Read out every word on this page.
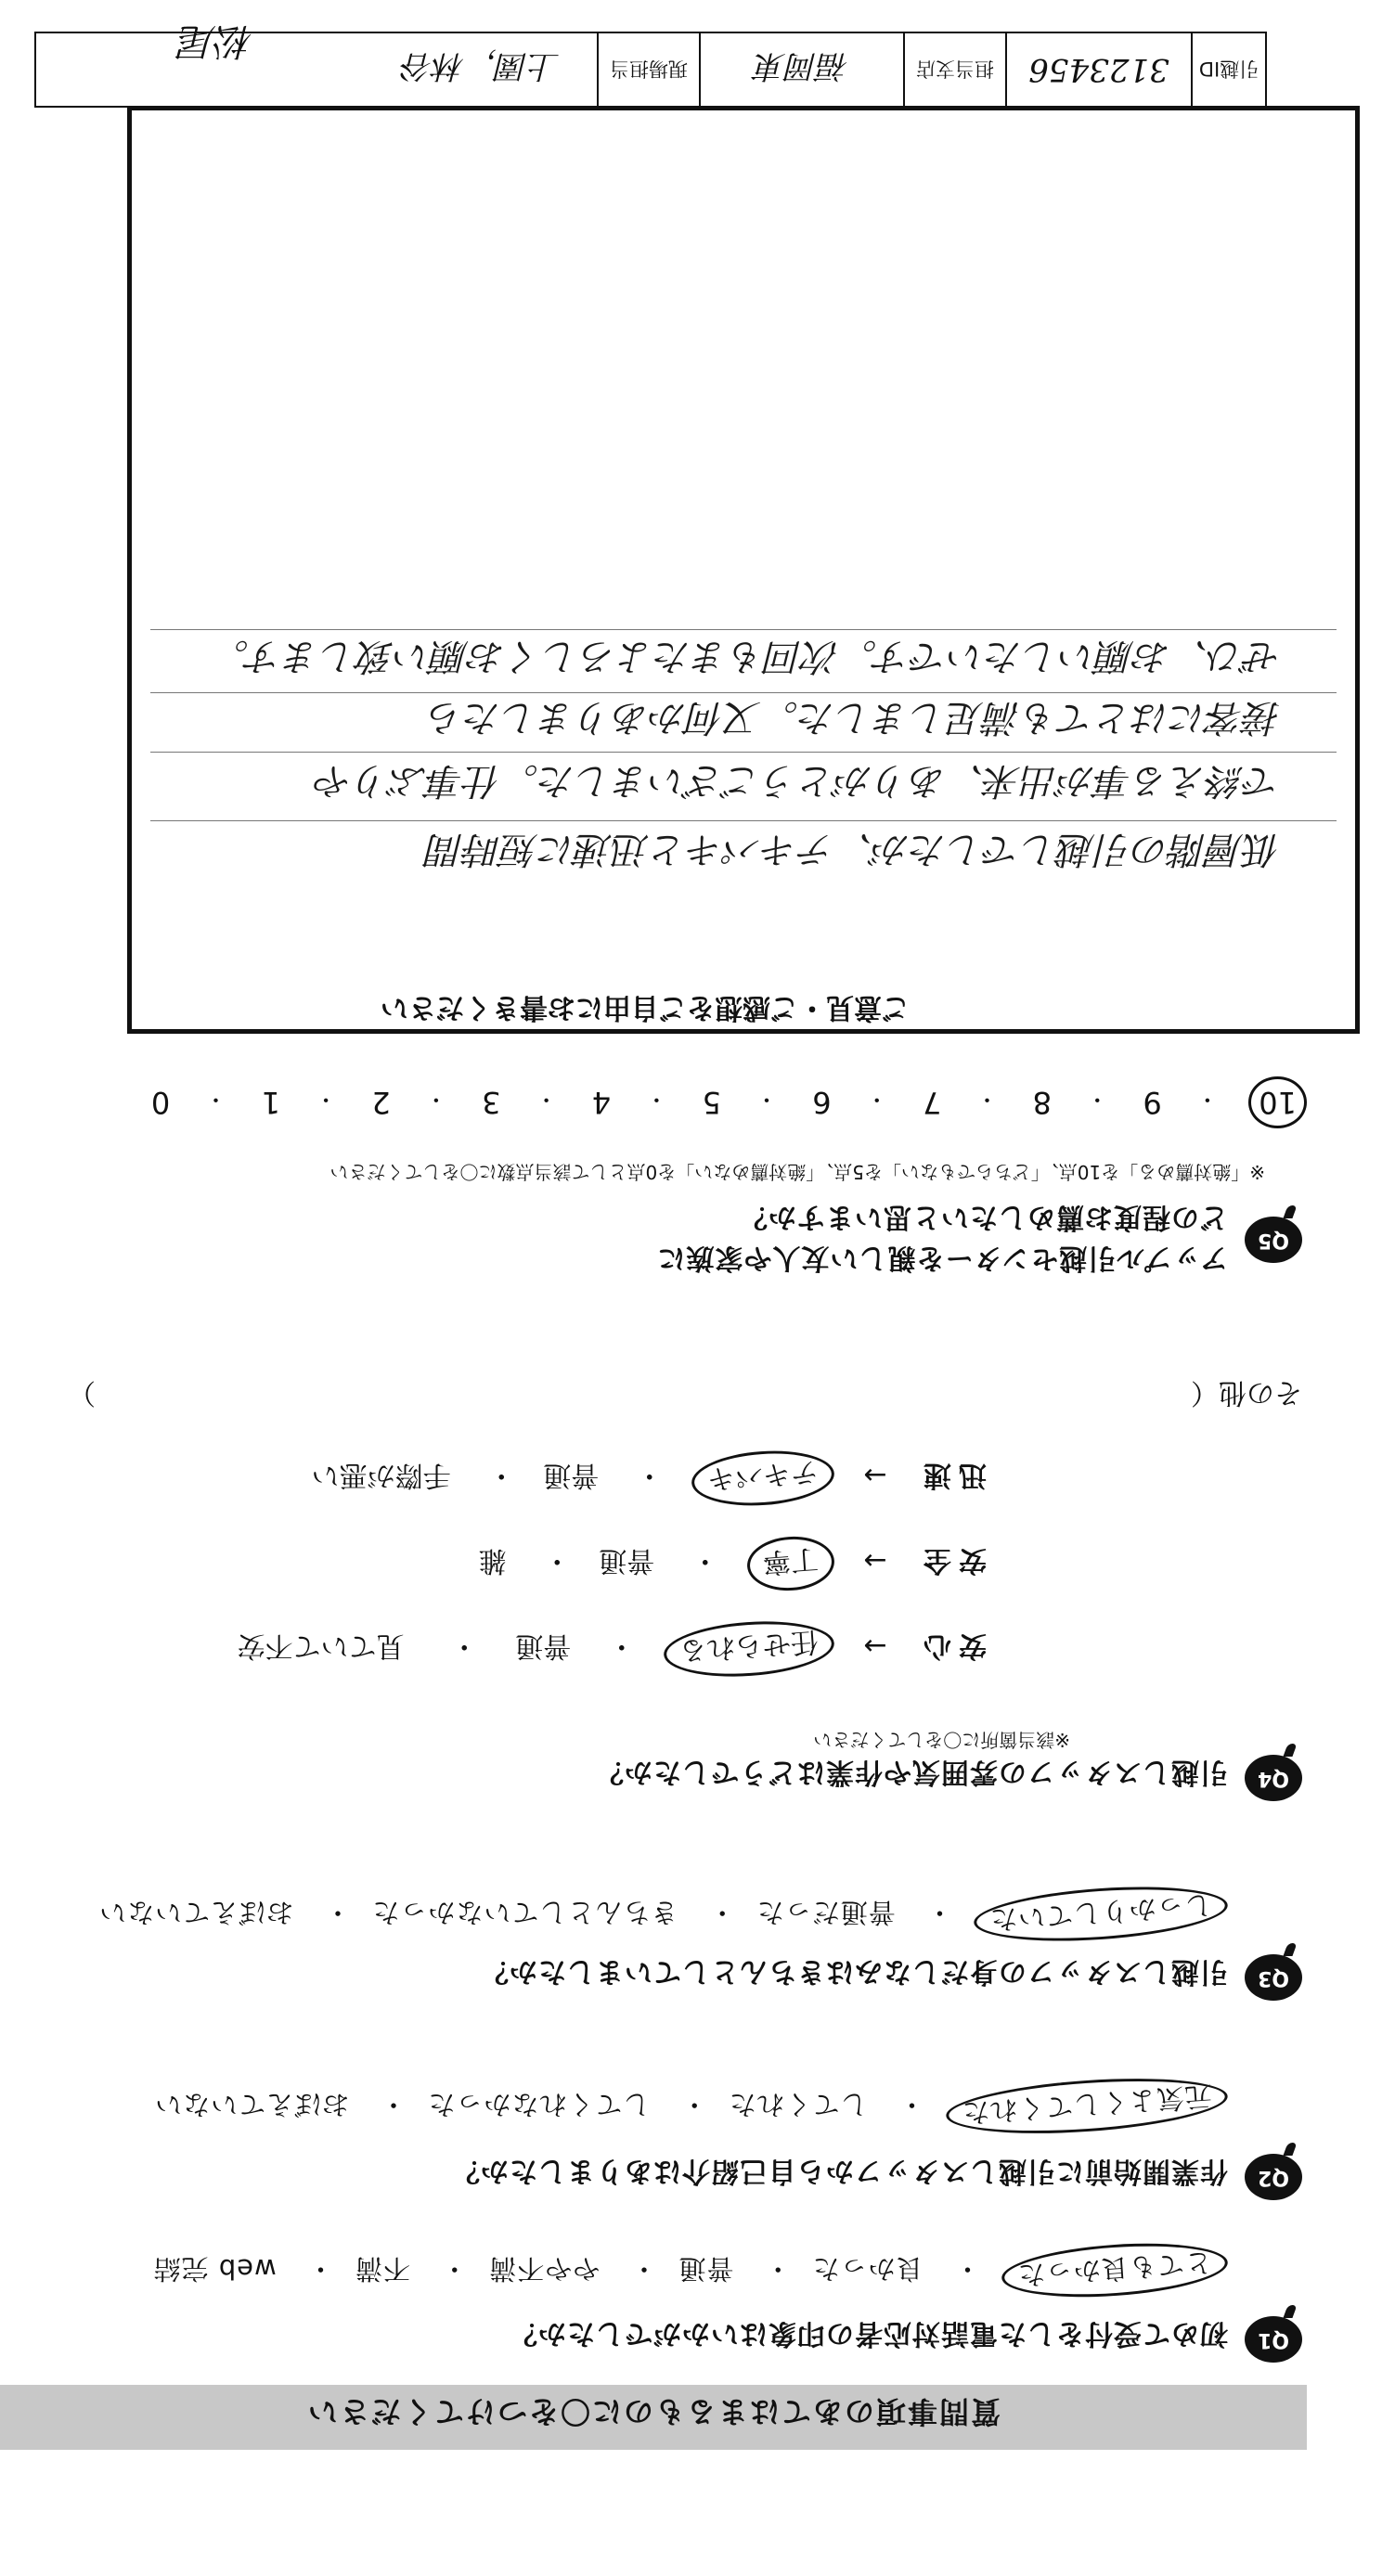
質問事項のあてはまるものに〇をつけてください
Q1
初めて受付をした電話対応者の印象はいかがでしたか？
とても良かった・ 良かった・ 普通・ やや不満・ 不満・ web 完結
Q2
作業開始前に引越しスタッフから自己紹介はありましたか？
元気よくしてくれた・ してくれた・ してくれなかった・ おぼえていない
Q3
引越しスタッフの身だしなみはきちんとしていましたか？
しっかりしていた・ 普通だった・ きちんとしていなかった・ おぼえていない
Q4
引越しスタッフの雰囲気や作業はどうでしたか？
※該当箇所に〇をしてください
安心 → 任せられる・ 普通・ 見ていて不安
安全 → 丁寧・ 普通・ 雑
迅速 → テキパキ・ 普通・ 手際が悪い
その他（
）
Q5
アップル引越センターを親しい友人や家族に
どの程度お薦めしたいと思いますか？
※「絶対薦める」を10点、「どちらでもない」を5点、「絶対薦めない」を0点として該当点数に〇をしてください
10
・
9
・
8
・
7
・
6
・
5
・
4
・
3
・
2
・
1
・
0
ご意見・ご感想をご自由にお書きください
低層階の引越しでしたが、テキパキと迅速に短時間
で終える事が出来、ありがとうございました。仕事ぶりや
接客にはとても満足しました。又何かありましたら
ぜひ、お願いしたいです。次回もまたよろしくお願い致します。
引越ID
3123456
担当支店
福岡東
現場担当
上園，林谷
松尾
